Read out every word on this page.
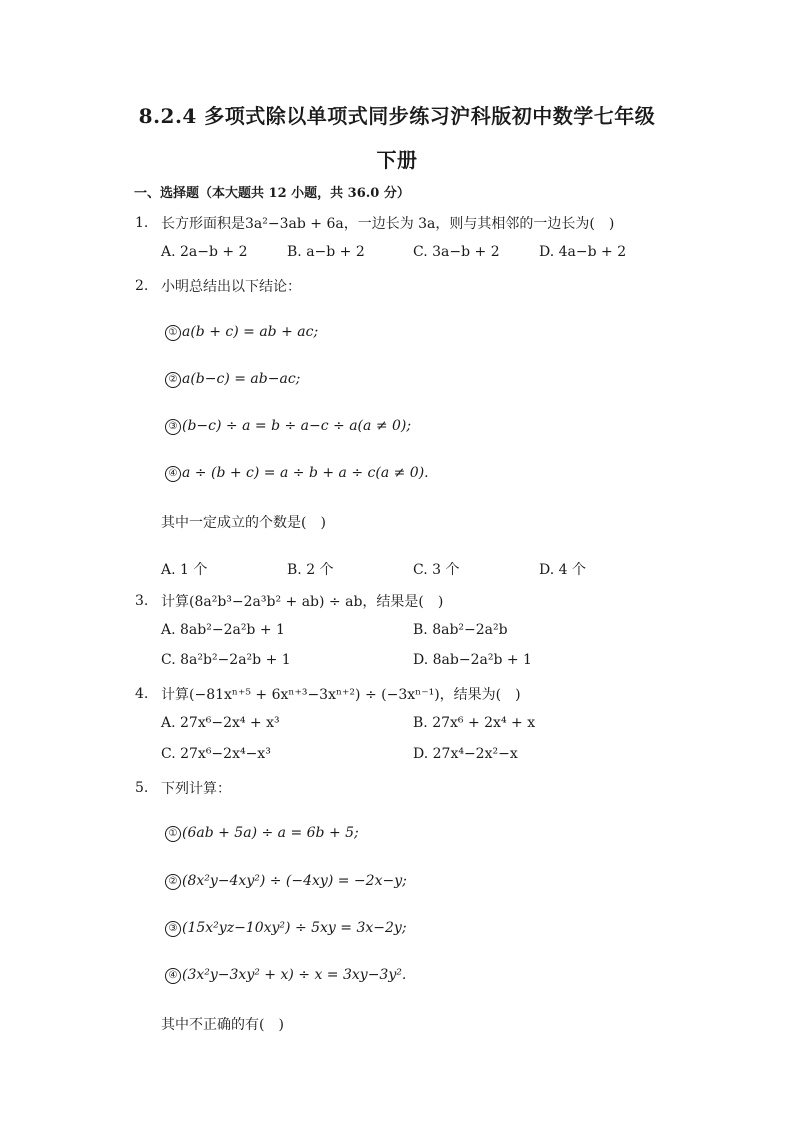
8.2.4 多项式除以单项式同步练习沪科版初中数学七年级
下册
一、选择题（本大题共 12 小题，共 36.0 分）
1. 长方形面积是3a²−3ab + 6a，一边长为 3a，则与其相邻的一边长为(　)
A. 2a−b + 2	B. a−b + 2	C. 3a−b + 2	D. 4a−b + 2
2. 小明总结出以下结论：
① a(b + c) = ab + ac;
② a(b−c) = ab−ac;
③ (b−c) ÷ a = b ÷ a−c ÷ a(a ≠ 0);
④ a ÷ (b + c) = a ÷ b + a ÷ c(a ≠ 0).
其中一定成立的个数是(　)
A. 1 个	B. 2 个	C. 3 个	D. 4 个
3. 计算(8a²b³−2a³b² + ab) ÷ ab，结果是(　)
A. 8ab²−2a²b + 1	B. 8ab²−2a²b
C. 8a²b²−2a²b + 1	D. 8ab−2a²b + 1
4. 计算(−81xⁿ⁺⁵ + 6xⁿ⁺³−3xⁿ⁺²) ÷ (−3xⁿ⁻¹)，结果为(　)
A. 27x⁶−2x⁴ + x³	B. 27x⁶ + 2x⁴ + x
C. 27x⁶−2x⁴−x³	D. 27x⁴−2x²−x
5. 下列计算：
① (6ab + 5a) ÷ a = 6b + 5;
② (8x²y−4xy²) ÷ (−4xy) = −2x−y;
③ (15x²yz−10xy²) ÷ 5xy = 3x−2y;
④ (3x²y−3xy² + x) ÷ x = 3xy−3y².
其中不正确的有(　)
